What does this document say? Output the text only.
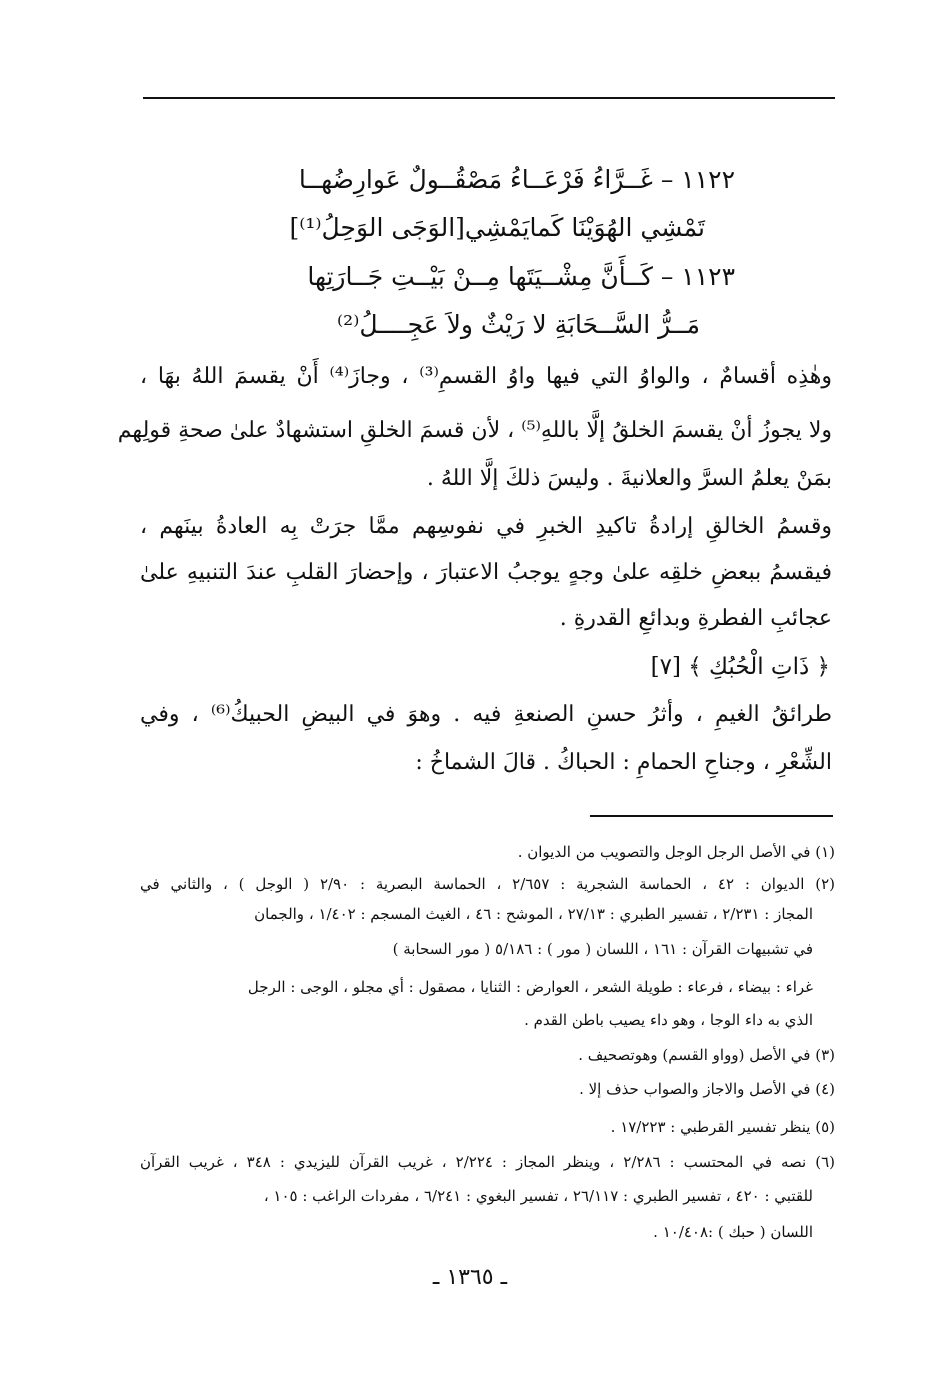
١١٢٢ – غَــرَّاءُ فَرْعَــاءُ مَصْقُــولٌ عَوارِضُهــا
تَمْشِي الهُوَيْنَا كَمايَمْشِي[الوَجَى الوَحِلُ⁽¹⁾]
١١٢٣ – كَــأَنَّ مِشْــيَتَها مِــنْ بَيْــتِ جَــارَتِها
مَــرُّ السَّــحَابَةِ لا رَيْثٌ ولاَ عَجِــــلُ⁽²⁾
وهٰذِه أقسامٌ ، والواوُ التي فيها واوُ القسمِ⁽³⁾ ، وجازَ⁽⁴⁾ أَنْ يقسمَ اللهُ بهَا ،
ولا يجوزُ أنْ يقسمَ الخلقُ إلَّا باللهِ⁽⁵⁾ ، لأن قسمَ الخلقِ استشهادٌ علىٰ صحةِ قولِهم
بمَنْ يعلمُ السرَّ والعلانيةَ . وليسَ ذلكَ إلَّا اللهُ .
وقسمُ الخالقِ إرادةُ تاكيدِ الخبرِ في نفوسِهم ممَّا جرَتْ بِه العادةُ بينَهم ،
فيقسمُ ببعضِ خلقِه علىٰ وجهٍ يوجبُ الاعتبارَ ، وإحضارَ القلبِ عندَ التنبيهِ علىٰ
عجائبِ الفطرةِ وبدائعِ القدرةِ .
﴿ ذَاتِ الْحُبُكِ ﴾ [٧]
طرائقُ الغيمِ ، وأثرُ حسنِ الصنعةِ فيه . وهوَ في البيضِ الحبيكُ⁽⁶⁾ ، وفي
الشِّعْرِ ، وجناحِ الحمامِ : الحباكُ . قالَ الشماخُ :
(١) في الأصل الرجل الوجل والتصويب من الديوان .
(٢) الديوان : ٤٢ ، الحماسة الشجرية : ٢/٦٥٧ ، الحماسة البصرية : ٢/٩٠ ( الوجل ) ، والثاني في
المجاز : ٢/٢٣١ ، تفسير الطبري : ٢٧/١٣ ، الموشح : ٤٦ ، الغيث المسجم : ١/٤٠٢ ، والجمان
في تشبيهات القرآن : ١٦١ ، اللسان ( مور ) : ٥/١٨٦ ( مور السحابة )
غراء : بيضاء ، فرعاء : طويلة الشعر ، العوارض : الثنايا ، مصقول : أي مجلو ، الوجى : الرجل
الذي به داء الوجا ، وهو داء يصيب باطن القدم .
(٣) في الأصل (وواو القسم) وهوتصحيف .
(٤) في الأصل والاجاز والصواب حذف إلا .
(٥) ينظر تفسير القرطبي : ١٧/٢٢٣ .
(٦) نصه في المحتسب : ٢/٢٨٦ ، وينظر المجاز : ٢/٢٢٤ ، غريب القرآن لليزيدي : ٣٤٨ ، غريب القرآن
للقتبي : ٤٢٠ ، تفسير الطبري : ٢٦/١١٧ ، تفسير البغوي : ٦/٢٤١ ، مفردات الراغب : ١٠٥ ،
اللسان ( حبك ) :١٠/٤٠٨ .
ـ ١٣٦٥ ـ
